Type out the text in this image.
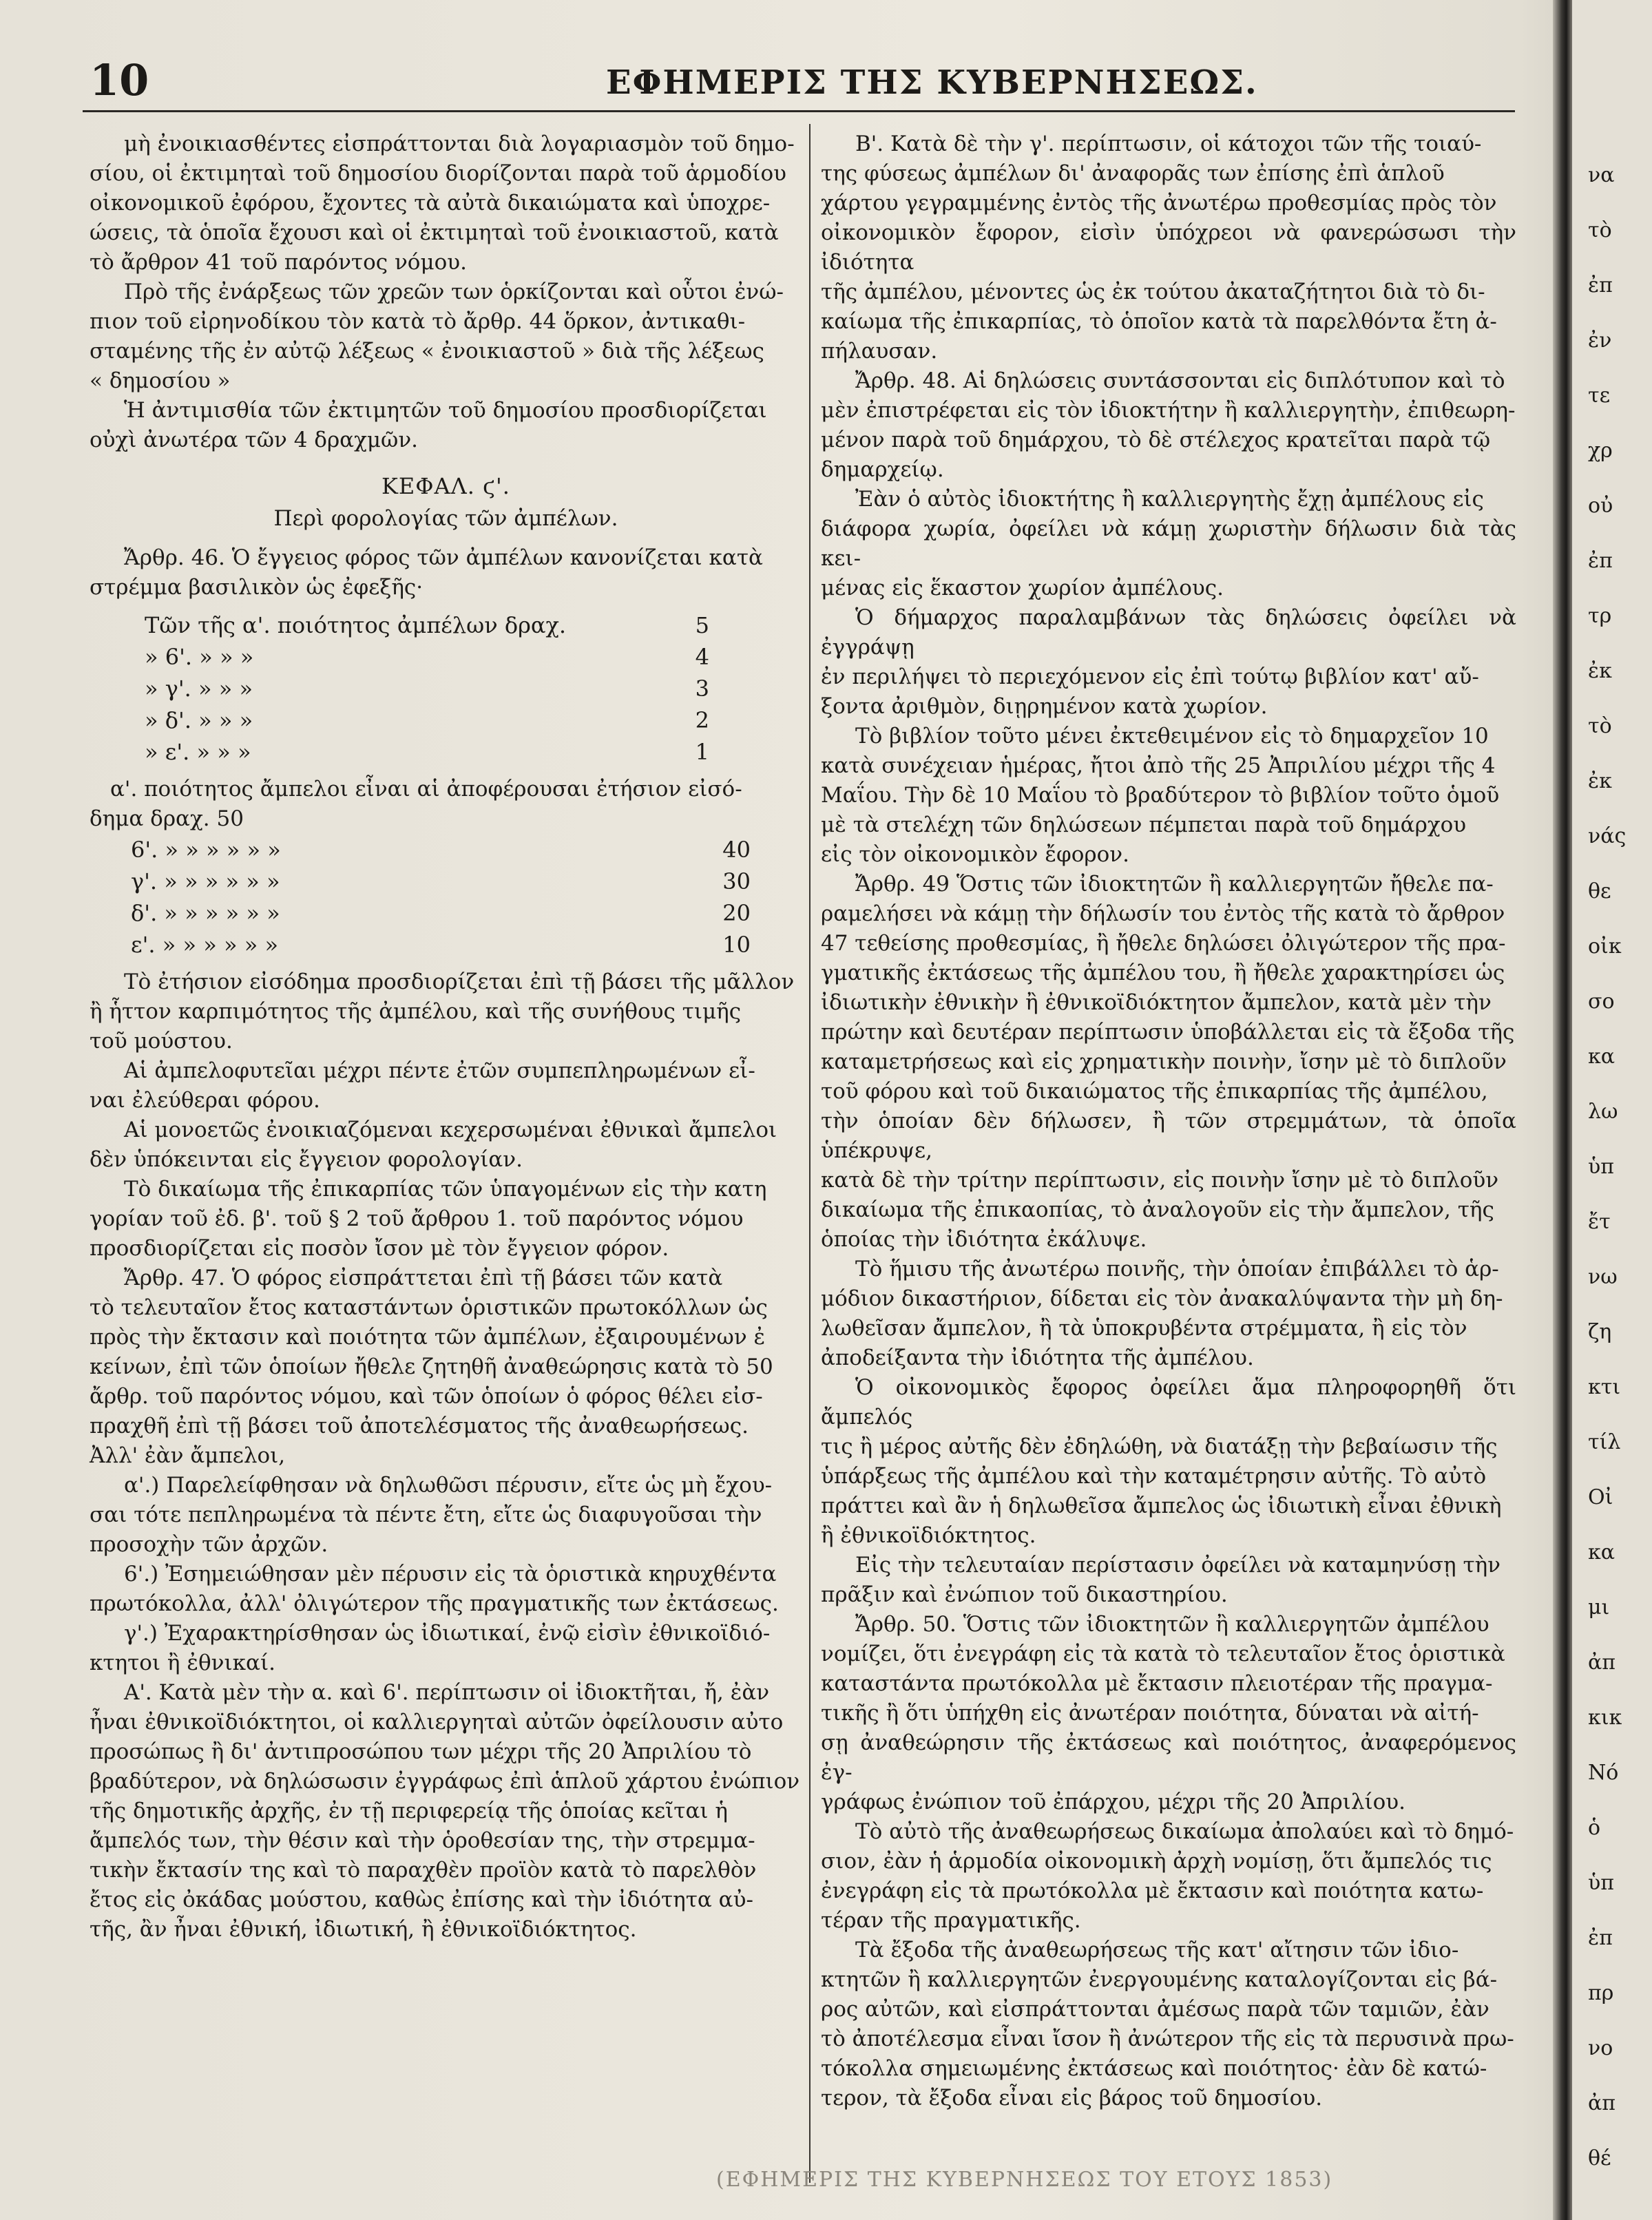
10	ΕΦΗΜΕΡΙΣ ΤΗΣ ΚΥΒΕΡΝΗΣΕΩΣ.
μὴ ἐνοικιασθέντες εἰσπράττονται διὰ λογαριασμὸν τοῦ δημο-
σίου, οἱ ἐκτιμηταὶ τοῦ δημοσίου διορίζονται παρὰ τοῦ ἁρμοδίου
οἰκονομικοῦ ἐφόρου, ἔχοντες τὰ αὐτὰ δικαιώματα καὶ ὑποχρε-
ώσεις, τὰ ὁποῖα ἔχουσι καὶ οἱ ἐκτιμηταὶ τοῦ ἐνοικιαστοῦ, κατὰ
τὸ ἄρθρον 41 τοῦ παρόντος νόμου.
Πρὸ τῆς ἐνάρξεως τῶν χρεῶν των ὁρκίζονται καὶ οὗτοι ἐνώ-
πιον τοῦ εἰρηνοδίκου τὸν κατὰ τὸ ἄρθρ. 44 ὅρκον, ἀντικαθι-
σταμένης τῆς ἐν αὐτῷ λέξεως « ἐνοικιαστοῦ » διὰ τῆς λέξεως
« δημοσίου »
Ἡ ἀντιμισθία τῶν ἐκτιμητῶν τοῦ δημοσίου προσδιορίζεται
οὐχὶ ἀνωτέρα τῶν 4 δραχμῶν.
ΚΕΦΑΛ. ϛ'.
Περὶ φορολογίας τῶν ἀμπέλων.
Ἄρθρ. 46. Ὁ ἔγγειος φόρος τῶν ἀμπέλων κανονίζεται κατὰ
στρέμμα βασιλικὸν ὡς ἐφεξῆς·
Τῶν τῆς α'. ποιότητος ἀμπέλων δραχ.	5
» 6'. » » »	4
» γ'. » » »	3
» δ'. » » »	2
» ε'. » » »	1
α'. ποιότητος ἄμπελοι εἶναι αἱ ἀποφέρουσαι ἐτήσιον εἰσό-
δημα δραχ. 50
6'. » » » » » »	40
γ'. » » » » » »	30
δ'. » » » » » »	20
ε'. » » » » » »	10
Τὸ ἐτήσιον εἰσόδημα προσδιορίζεται ἐπὶ τῇ βάσει τῆς μᾶλλον
ἢ ἧττον καρπιμότητος τῆς ἀμπέλου, καὶ τῆς συνήθους τιμῆς
τοῦ μούστου.
Αἱ ἀμπελοφυτεῖαι μέχρι πέντε ἐτῶν συμπεπληρωμένων εἶ-
ναι ἐλεύθεραι φόρου.
Αἱ μονοετῶς ἐνοικιαζόμεναι κεχερσωμέναι ἐθνικαὶ ἄμπελοι
δὲν ὑπόκεινται εἰς ἔγγειον φορολογίαν.
Τὸ δικαίωμα τῆς ἐπικαρπίας τῶν ὑπαγομένων εἰς τὴν κατη
γορίαν τοῦ ἐδ. β'. τοῦ § 2 τοῦ ἄρθρου 1. τοῦ παρόντος νόμου
προσδιορίζεται εἰς ποσὸν ἴσον μὲ τὸν ἔγγειον φόρον.
Ἄρθρ. 47. Ὁ φόρος εἰσπράττεται ἐπὶ τῇ βάσει τῶν κατὰ
τὸ τελευταῖον ἔτος καταστάντων ὁριστικῶν πρωτοκόλλων ὡς
πρὸς τὴν ἔκτασιν καὶ ποιότητα τῶν ἀμπέλων, ἐξαιρουμένων ἐ
κείνων, ἐπὶ τῶν ὁποίων ἤθελε ζητηθῆ ἀναθεώρησις κατὰ τὸ 50
ἄρθρ. τοῦ παρόντος νόμου, καὶ τῶν ὁποίων ὁ φόρος θέλει εἰσ-
πραχθῆ ἐπὶ τῇ βάσει τοῦ ἀποτελέσματος τῆς ἀναθεωρήσεως.
Ἀλλ' ἐὰν ἄμπελοι,
α'.) Παρελείφθησαν νὰ δηλωθῶσι πέρυσιν, εἴτε ὡς μὴ ἔχου-
σαι τότε πεπληρωμένα τὰ πέντε ἔτη, εἴτε ὡς διαφυγοῦσαι τὴν
προσοχὴν τῶν ἀρχῶν.
6'.) Ἐσημειώθησαν μὲν πέρυσιν εἰς τὰ ὁριστικὰ κηρυχθέντα
πρωτόκολλα, ἀλλ' ὀλιγώτερον τῆς πραγματικῆς των ἐκτάσεως.
γ'.) Ἐχαρακτηρίσθησαν ὡς ἰδιωτικαί, ἐνῷ εἰσὶν ἐθνικοϊδιό-
κτητοι ἢ ἐθνικαί.
Α'. Κατὰ μὲν τὴν α. καὶ 6'. περίπτωσιν οἱ ἰδιοκτῆται, ἤ, ἐὰν
ἦναι ἐθνικοϊδιόκτητοι, οἱ καλλιεργηταὶ αὐτῶν ὀφείλουσιν αὐτο
προσώπως ἢ δι' ἀντιπροσώπου των μέχρι τῆς 20 Ἀπριλίου τὸ
βραδύτερον, νὰ δηλώσωσιν ἐγγράφως ἐπὶ ἁπλοῦ χάρτου ἐνώπιον
τῆς δημοτικῆς ἀρχῆς, ἐν τῇ περιφερείᾳ τῆς ὁποίας κεῖται ἡ
ἄμπελός των, τὴν θέσιν καὶ τὴν ὁροθεσίαν της, τὴν στρεμμα-
τικὴν ἔκτασίν της καὶ τὸ παραχθὲν προϊὸν κατὰ τὸ παρελθὸν
ἔτος εἰς ὀκάδας μούστου, καθὼς ἐπίσης καὶ τὴν ἰδιότητα αὐ-
τῆς, ἂν ἦναι ἐθνική, ἰδιωτική, ἢ ἐθνικοϊδιόκτητος.
Β'. Κατὰ δὲ τὴν γ'. περίπτωσιν, οἱ κάτοχοι τῶν τῆς τοιαύ-
της φύσεως ἀμπέλων δι' ἀναφορᾶς των ἐπίσης ἐπὶ ἁπλοῦ
χάρτου γεγραμμένης ἐντὸς τῆς ἀνωτέρω προθεσμίας πρὸς τὸν
οἰκονομικὸν ἔφορον, εἰσὶν ὑπόχρεοι νὰ φανερώσωσι τὴν ἰδιότητα
τῆς ἀμπέλου, μένοντες ὡς ἐκ τούτου ἀκαταζήτητοι διὰ τὸ δι-
καίωμα τῆς ἐπικαρπίας, τὸ ὁποῖον κατὰ τὰ παρελθόντα ἔτη ἀ-
πήλαυσαν.
Ἄρθρ. 48. Αἱ δηλώσεις συντάσσονται εἰς διπλότυπον καὶ τὸ
μὲν ἐπιστρέφεται εἰς τὸν ἰδιοκτήτην ἢ καλλιεργητὴν, ἐπιθεωρη-
μένον παρὰ τοῦ δημάρχου, τὸ δὲ στέλεχος κρατεῖται παρὰ τῷ
δημαρχείῳ.
Ἐὰν ὁ αὐτὸς ἰδιοκτήτης ἢ καλλιεργητὴς ἔχῃ ἀμπέλους εἰς
διάφορα χωρία, ὀφείλει νὰ κάμῃ χωριστὴν δήλωσιν διὰ τὰς κει-
μένας εἰς ἕκαστον χωρίον ἀμπέλους.
Ὁ δήμαρχος παραλαμβάνων τὰς δηλώσεις ὀφείλει νὰ ἐγγράψῃ
ἐν περιλήψει τὸ περιεχόμενον εἰς ἐπὶ τούτῳ βιβλίον κατ' αὔ-
ξοντα ἀριθμὸν, διῃρημένον κατὰ χωρίον.
Τὸ βιβλίον τοῦτο μένει ἐκτεθειμένον εἰς τὸ δημαρχεῖον 10
κατὰ συνέχειαν ἡμέρας, ἤτοι ἀπὸ τῆς 25 Ἀπριλίου μέχρι τῆς 4
Μαΐου. Τὴν δὲ 10 Μαΐου τὸ βραδύτερον τὸ βιβλίον τοῦτο ὁμοῦ
μὲ τὰ στελέχη τῶν δηλώσεων πέμπεται παρὰ τοῦ δημάρχου
εἰς τὸν οἰκονομικὸν ἔφορον.
Ἄρθρ. 49 Ὅστις τῶν ἰδιοκτητῶν ἢ καλλιεργητῶν ἤθελε πα-
ραμελήσει νὰ κάμῃ τὴν δήλωσίν του ἐντὸς τῆς κατὰ τὸ ἄρθρον
47 τεθείσης προθεσμίας, ἢ ἤθελε δηλώσει ὀλιγώτερον τῆς πρα-
γματικῆς ἐκτάσεως τῆς ἀμπέλου του, ἢ ἤθελε χαρακτηρίσει ὡς
ἰδιωτικὴν ἐθνικὴν ἢ ἐθνικοϊδιόκτητον ἄμπελον, κατὰ μὲν τὴν
πρώτην καὶ δευτέραν περίπτωσιν ὑποβάλλεται εἰς τὰ ἔξοδα τῆς
καταμετρήσεως καὶ εἰς χρηματικὴν ποινὴν, ἴσην μὲ τὸ διπλοῦν
τοῦ φόρου καὶ τοῦ δικαιώματος τῆς ἐπικαρπίας τῆς ἀμπέλου,
τὴν ὁποίαν δὲν δήλωσεν, ἢ τῶν στρεμμάτων, τὰ ὁποῖα ὑπέκρυψε,
κατὰ δὲ τὴν τρίτην περίπτωσιν, εἰς ποινὴν ἴσην μὲ τὸ διπλοῦν
δικαίωμα τῆς ἐπικαοπίας, τὸ ἀναλογοῦν εἰς τὴν ἄμπελον, τῆς
ὁποίας τὴν ἰδιότητα ἐκάλυψε.
Τὸ ἥμισυ τῆς ἀνωτέρω ποινῆς, τὴν ὁποίαν ἐπιβάλλει τὸ ἁρ-
μόδιον δικαστήριον, δίδεται εἰς τὸν ἀνακαλύψαντα τὴν μὴ δη-
λωθεῖσαν ἄμπελον, ἢ τὰ ὑποκρυβέντα στρέμματα, ἢ εἰς τὸν
ἀποδείξαντα τὴν ἰδιότητα τῆς ἀμπέλου.
Ὁ οἰκονομικὸς ἔφορος ὀφείλει ἅμα πληροφορηθῆ ὅτι ἄμπελός
τις ἢ μέρος αὐτῆς δὲν ἐδηλώθη, νὰ διατάξῃ τὴν βεβαίωσιν τῆς
ὑπάρξεως τῆς ἀμπέλου καὶ τὴν καταμέτρησιν αὐτῆς. Τὸ αὐτὸ
πράττει καὶ ἂν ἡ δηλωθεῖσα ἄμπελος ὡς ἰδιωτικὴ εἶναι ἐθνικὴ
ἢ ἐθνικοϊδιόκτητος.
Εἰς τὴν τελευταίαν περίστασιν ὀφείλει νὰ καταμηνύσῃ τὴν
πρᾶξιν καὶ ἐνώπιον τοῦ δικαστηρίου.
Ἄρθρ. 50. Ὅστις τῶν ἰδιοκτητῶν ἢ καλλιεργητῶν ἀμπέλου
νομίζει, ὅτι ἐνεγράφη εἰς τὰ κατὰ τὸ τελευταῖον ἔτος ὁριστικὰ
καταστάντα πρωτόκολλα μὲ ἔκτασιν πλειοτέραν τῆς πραγμα-
τικῆς ἢ ὅτι ὑπήχθη εἰς ἀνωτέραν ποιότητα, δύναται νὰ αἰτή-
σῃ ἀναθεώρησιν τῆς ἐκτάσεως καὶ ποιότητος, ἀναφερόμενος ἐγ-
γράφως ἐνώπιον τοῦ ἐπάρχου, μέχρι τῆς 20 Ἀπριλίου.
Τὸ αὐτὸ τῆς ἀναθεωρήσεως δικαίωμα ἀπολαύει καὶ τὸ δημό-
σιον, ἐὰν ἡ ἁρμοδία οἰκονομικὴ ἀρχὴ νομίσῃ, ὅτι ἄμπελός τις
ἐνεγράφη εἰς τὰ πρωτόκολλα μὲ ἔκτασιν καὶ ποιότητα κατω-
τέραν τῆς πραγματικῆς.
Τὰ ἔξοδα τῆς ἀναθεωρήσεως τῆς κατ' αἴτησιν τῶν ἰδιο-
κτητῶν ἢ καλλιεργητῶν ἐνεργουμένης καταλογίζονται εἰς βά-
ρος αὐτῶν, καὶ εἰσπράττονται ἀμέσως παρὰ τῶν ταμιῶν, ἐὰν
τὸ ἀποτέλεσμα εἶναι ἴσον ἢ ἀνώτερον τῆς εἰς τὰ περυσινὰ πρω-
τόκολλα σημειωμένης ἐκτάσεως καὶ ποιότητος· ἐὰν δὲ κατώ-
τερον, τὰ ἔξοδα εἶναι εἰς βάρος τοῦ δημοσίου.
(ΕΦΗΜΕΡΙΣ ΤΗΣ ΚΥΒΕΡΝΗΣΕΩΣ ΤΟΥ ΕΤΟΥΣ 1853)
να
τὸ
ἐπ
ἐν
τε
χρ
οὐ
ἐπ
τρ
ἐκ
τὸ
ἐκ
νάς
θε
οἰκ
σο
κα
λω
ὑπ
ἔτ
νω
ζη
κτι
τίλ
Οἰ
κα
μι
ἀπ
κικ
Νό
ὁ
ὑπ
ἐπ
πρ
νο
ἀπ
θέ
